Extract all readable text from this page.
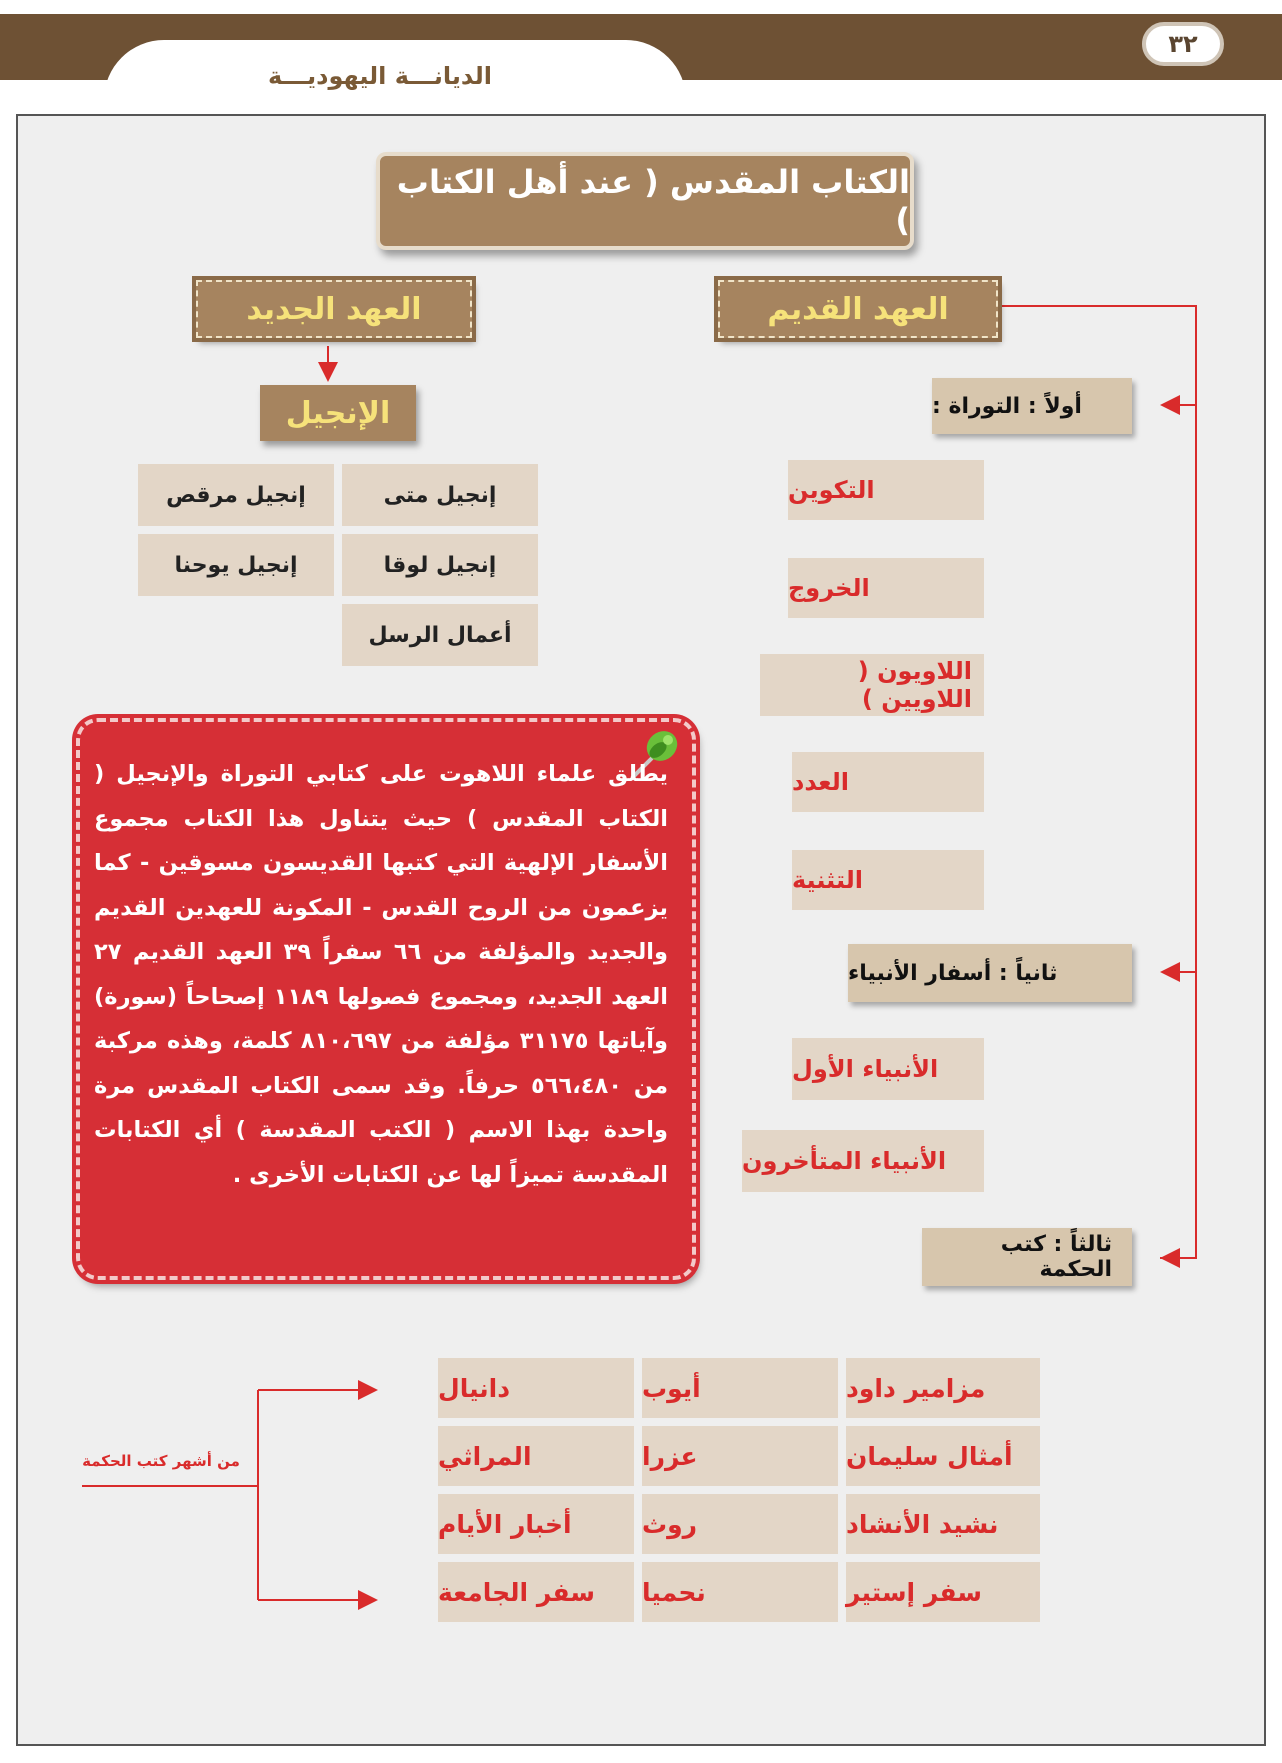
الديانـــة اليهوديـــة
٣٢
الكتاب المقدس ( عند أهل الكتاب )
العهد القديم
العهد الجديد
الإنجيل
إنجيل متى
إنجيل مرقص
إنجيل لوقا
إنجيل يوحنا
أعمال الرسل
أولاً : التوراة :
التكوين
الخروج
اللاويون ( اللاويين )
العدد
التثنية
ثانياً : أسفار الأنبياء
الأنبياء الأول
الأنبياء المتأخرون
ثالثاً : كتب الحكمة
يطلق علماء اللاهوت على كتابي التوراة والإنجيل ( الكتاب المقدس ) حيث يتناول هذا الكتاب مجموع الأسفار الإلهية التي كتبها القديسون مسوقين - كما يزعمون من الروح القدس - المكونة للعهدين القديم والجديد والمؤلفة من ٦٦ سفراً ٣٩ العهد القديم ٢٧ العهد الجديد، ومجموع فصولها ١١٨٩ إصحاحاً (سورة) وآياتها ٣١١٧٥ مؤلفة من ٨١٠،٦٩٧ كلمة، وهذه مركبة من ٥٦٦،٤٨٠ حرفاً. وقد سمى الكتاب المقدس مرة واحدة بهذا الاسم ( الكتب المقدسة ) أي الكتابات المقدسة تميزاً لها عن الكتابات الأخرى .
مزامير داود
أيوب
دانيال
أمثال سليمان
عزرا
المراثي
نشيد الأنشاد
روث
أخبار الأيام
سفر إستير
نحميا
سفر الجامعة
من أشهر كتب الحكمة
